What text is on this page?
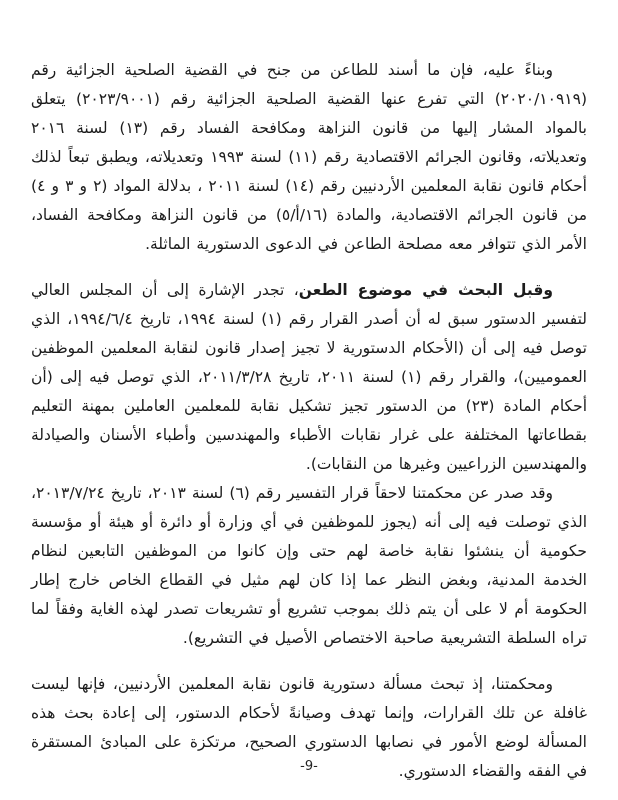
وبناءً عليه، فإن ما أسند للطاعن من جنح في القضية الصلحية الجزائية رقم (٢٠٢٠/١٠٩١٩) التي تفرع عنها القضية الصلحية الجزائية رقم (٢٠٢٣/٩٠٠١) يتعلق بالمواد المشار إليها من قانون النزاهة ومكافحة الفساد رقم (١٣) لسنة ٢٠١٦ وتعديلاته، وقانون الجرائم الاقتصادية رقم (١١) لسنة ١٩٩٣ وتعديلاته، ويطبق تبعاً لذلك أحكام قانون نقابة المعلمين الأردنيين رقم (١٤) لسنة ٢٠١١ ، بدلالة المواد (٢ و ٣ و ٤) من قانون الجرائم الاقتصادية، والمادة (١٦/أ/٥) من قانون النزاهة ومكافحة الفساد، الأمر الذي تتوافر معه مصلحة الطاعن في الدعوى الدستورية الماثلة.

وقبل البحث في موضوع الطعن، تجدر الإشارة إلى أن المجلس العالي لتفسير الدستور سبق له أن أصدر القرار رقم (١) لسنة ١٩٩٤، تاريخ ١٩٩٤/٦/٤، الذي توصل فيه إلى أن (الأحكام الدستورية لا تجيز إصدار قانون لنقابة المعلمين الموظفين العموميين)، والقرار رقم (١) لسنة ٢٠١١، تاريخ ٢٠١١/٣/٢٨، الذي توصل فيه إلى (أن أحكام المادة (٢٣) من الدستور تجيز تشكيل نقابة للمعلمين العاملين بمهنة التعليم بقطاعاتها المختلفة على غرار نقابات الأطباء والمهندسين وأطباء الأسنان والصيادلة والمهندسين الزراعيين وغيرها من النقابات).

وقد صدر عن محكمتنا لاحقاً قرار التفسير رقم (٦) لسنة ٢٠١٣، تاريخ ٢٠١٣/٧/٢٤، الذي توصلت فيه إلى أنه (يجوز للموظفين في أي وزارة أو دائرة أو هيئة أو مؤسسة حكومية أن ينشئوا نقابة خاصة لهم حتى وإن كانوا من الموظفين التابعين لنظام الخدمة المدنية، وبغض النظر عما إذا كان لهم مثيل في القطاع الخاص خارج إطار الحكومة أم لا على أن يتم ذلك بموجب تشريع أو تشريعات تصدر لهذه الغاية وفقاً لما تراه السلطة التشريعية صاحبة الاختصاص الأصيل في التشريع).

ومحكمتنا، إذ تبحث مسألة دستورية قانون نقابة المعلمين الأردنيين، فإنها ليست غافلة عن تلك القرارات، وإنما تهدف وصيانةً لأحكام الدستور، إلى إعادة بحث هذه المسألة لوضع الأمور في نصابها الدستوري الصحيح، مرتكزة على المبادئ المستقرة في الفقه والقضاء الدستوري.

-9-
